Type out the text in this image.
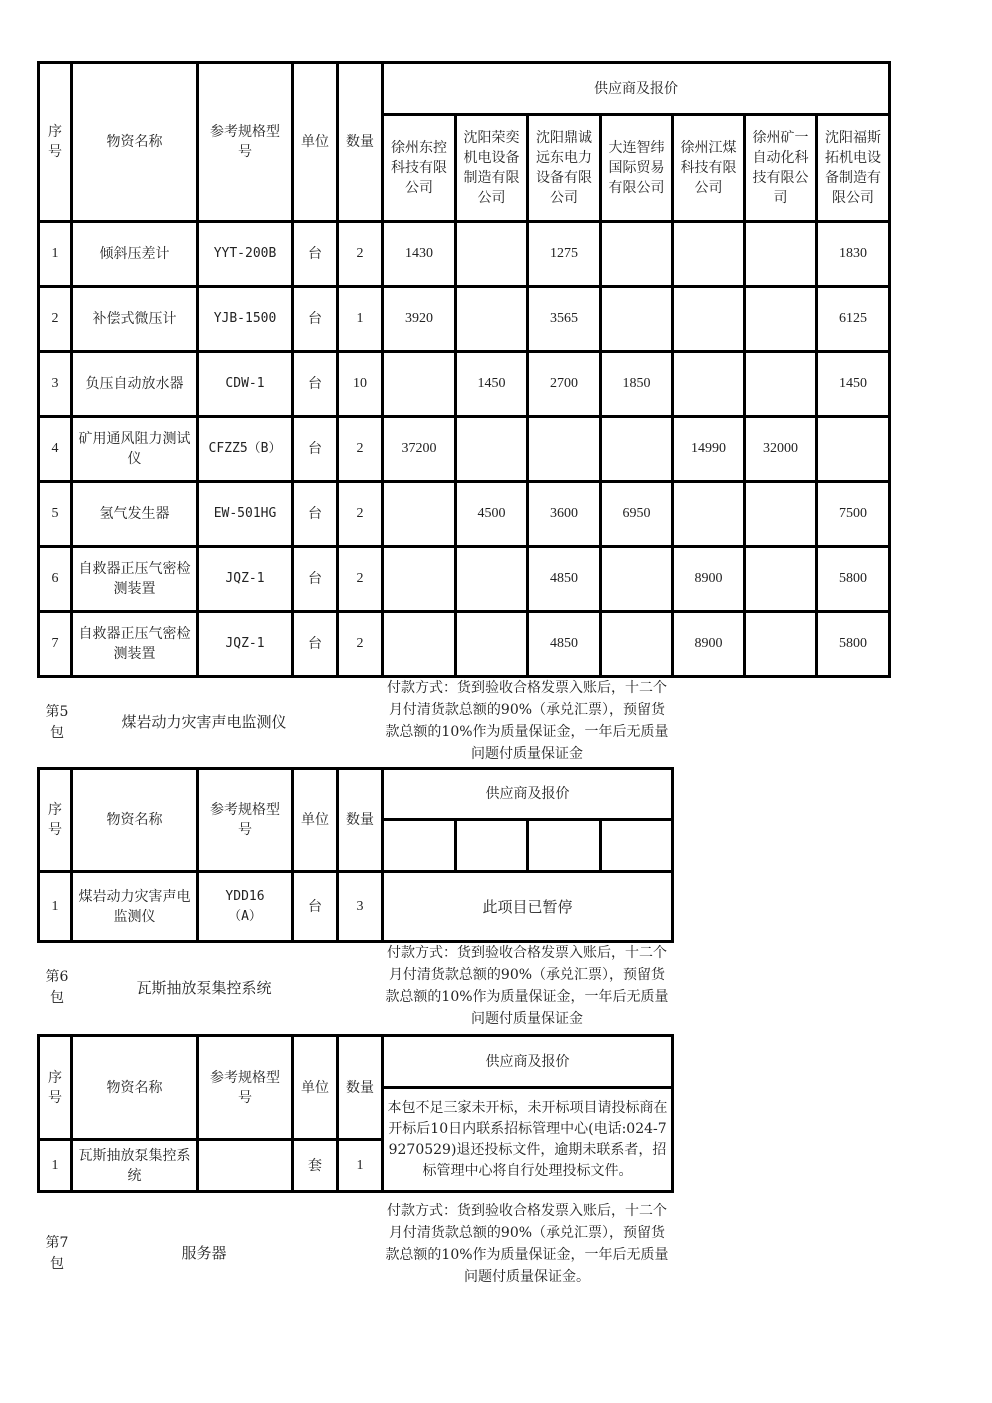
序号	物资名称	参考规格型号	单位	数量	供应商及报价						
					徐州东控科技有限公司	沈阳荣奕机电设备制造有限公司	沈阳鼎诚远东电力设备有限公司	大连智纬国际贸易有限公司	徐州江煤科技有限公司	徐州矿一自动化科技有限公司	沈阳福斯拓机电设备制造有限公司
1	倾斜压差计	YYT-200B	台	2	1430		1275				1830
2	补偿式微压计	YJB-1500	台	1	3920		3565				6125
3	负压自动放水器	CDW-1	台	10		1450	2700	1850			1450
4	矿用通风阻力测试仪	CFZZ5（B）	台	2	37200				14990	32000	
5	氢气发生器	EW-501HG	台	2		4500	3600	6950			7500
6	自救器正压气密检测装置	JQZ-1	台	2			4850		8900		5800
7	自救器正压气密检测装置	JQZ-1	台	2			4850		8900		5800
第5包
煤岩动力灾害声电监测仪
付款方式：货到验收合格发票入账后，十二个月付清货款总额的90%（承兑汇票），预留货款总额的10%作为质量保证金，一年后无质量问题付质量保证金
序号	物资名称	参考规格型号	单位	数量	供应商及报价			

1	煤岩动力灾害声电监测仪	YDD16（A）	台	3	此项目已暂停			
第6包
瓦斯抽放泵集控系统
付款方式：货到验收合格发票入账后，十二个月付清货款总额的90%（承兑汇票），预留货款总额的10%作为质量保证金，一年后无质量问题付质量保证金
序号	物资名称	参考规格型号	单位	数量	供应商及报价
					本包不足三家未开标，未开标项目请投标商在开标后10日内联系招标管理中心(电话:024-79270529)退还投标文件，逾期未联系者，招标管理中心将自行处理投标文件。
1	瓦斯抽放泵集控系统		套	1	
第7包
服务器
付款方式：货到验收合格发票入账后，十二个月付清货款总额的90%（承兑汇票），预留货款总额的10%作为质量保证金，一年后无质量问题付质量保证金。
